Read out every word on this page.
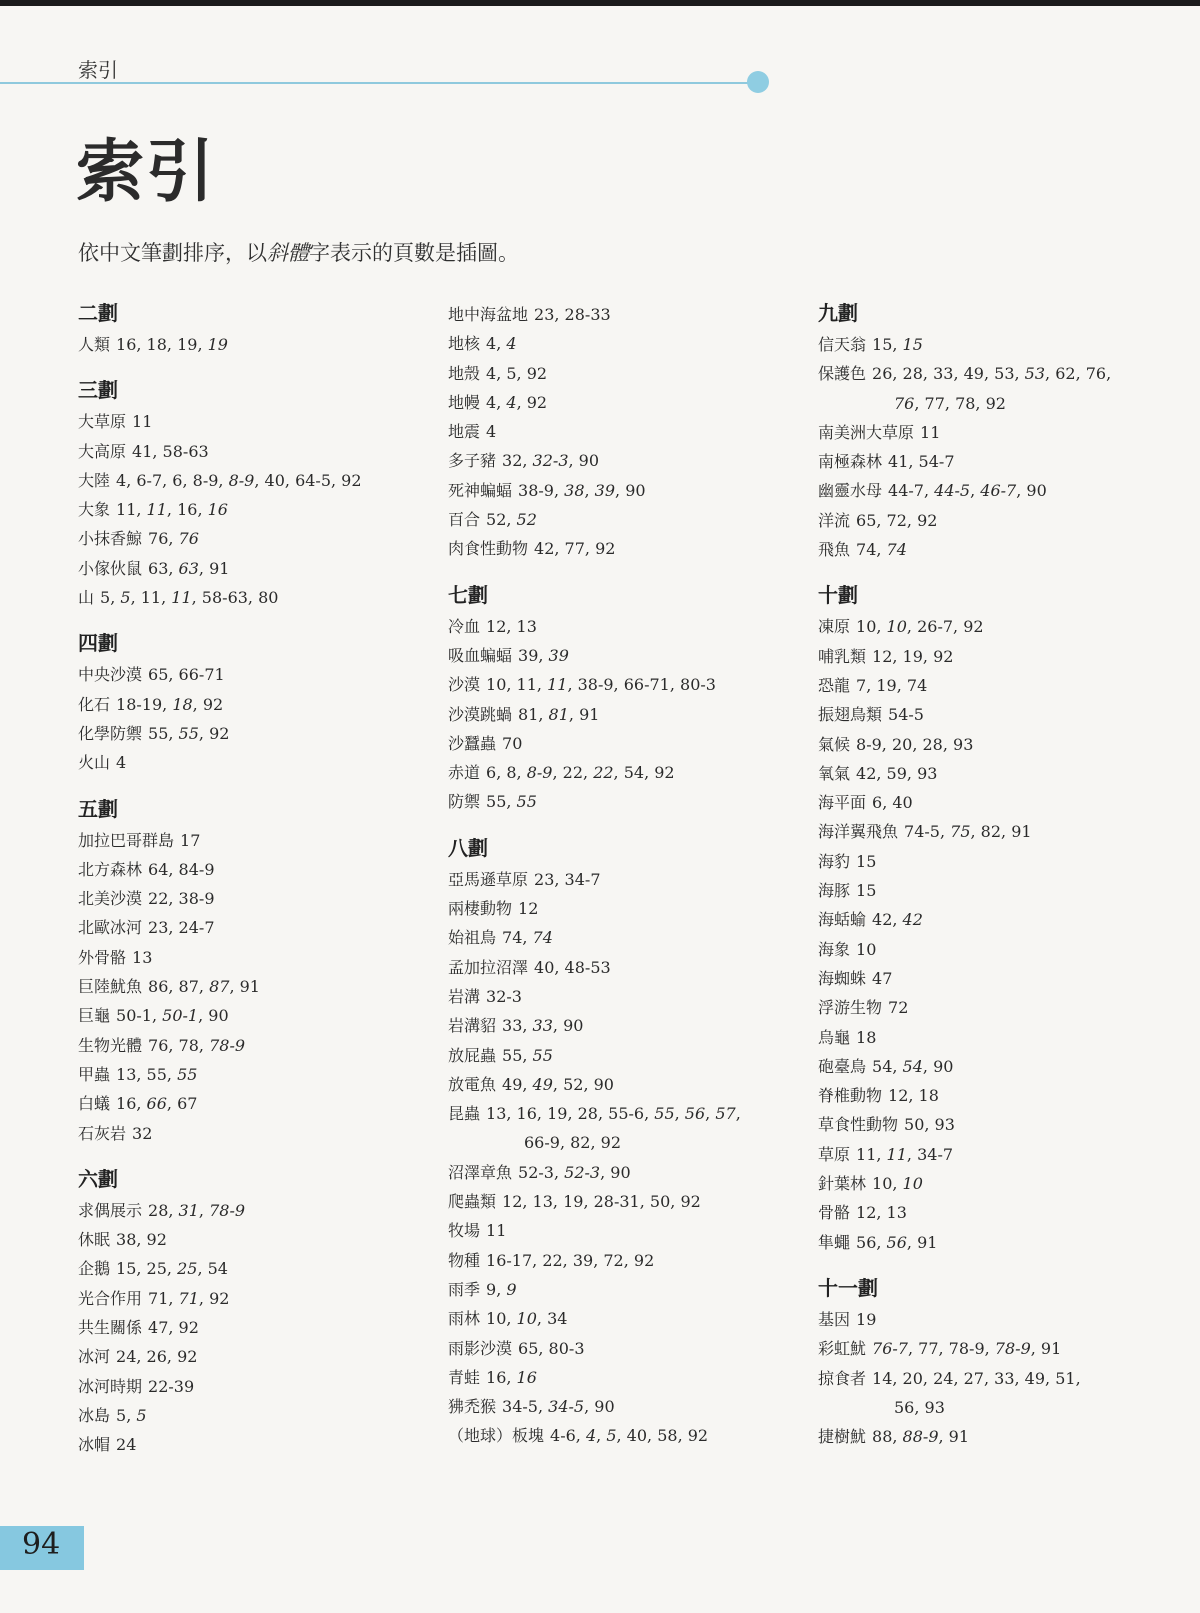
索引
索引
依中文筆劃排序，以斜體字表示的頁數是插圖。
二劃
人類 16, 18, 19, 19
三劃
大草原 11
大高原 41, 58-63
大陸 4, 6-7, 6, 8-9, 8-9, 40, 64-5, 92
大象 11, 11, 16, 16
小抹香鯨 76, 76
小傢伙鼠 63, 63, 91
山 5, 5, 11, 11, 58-63, 80
四劃
中央沙漠 65, 66-71
化石 18-19, 18, 92
化學防禦 55, 55, 92
火山 4
五劃
加拉巴哥群島 17
北方森林 64, 84-9
北美沙漠 22, 38-9
北歐冰河 23, 24-7
外骨骼 13
巨陸魷魚 86, 87, 87, 91
巨龜 50-1, 50-1, 90
生物光體 76, 78, 78-9
甲蟲 13, 55, 55
白蟻 16, 66, 67
石灰岩 32
六劃
求偶展示 28, 31, 78-9
休眠 38, 92
企鵝 15, 25, 25, 54
光合作用 71, 71, 92
共生關係 47, 92
冰河 24, 26, 92
冰河時期 22-39
冰島 5, 5
冰帽 24
地中海盆地 23, 28-33
地核 4, 4
地殼 4, 5, 92
地幔 4, 4, 92
地震 4
多子豬 32, 32-3, 90
死神蝙蝠 38-9, 38, 39, 90
百合 52, 52
肉食性動物 42, 77, 92
七劃
冷血 12, 13
吸血蝙蝠 39, 39
沙漠 10, 11, 11, 38-9, 66-71, 80-3
沙漠跳蝸 81, 81, 91
沙蠶蟲 70
赤道 6, 8, 8-9, 22, 22, 54, 92
防禦 55, 55
八劃
亞馬遜草原 23, 34-7
兩棲動物 12
始祖鳥 74, 74
孟加拉沼澤 40, 48-53
岩溝 32-3
岩溝貂 33, 33, 90
放屁蟲 55, 55
放電魚 49, 49, 52, 90
昆蟲 13, 16, 19, 28, 55-6, 55, 56, 57,
66-9, 82, 92
沼澤章魚 52-3, 52-3, 90
爬蟲類 12, 13, 19, 28-31, 50, 92
牧場 11
物種 16-17, 22, 39, 72, 92
雨季 9, 9
雨林 10, 10, 34
雨影沙漠 65, 80-3
青蛙 16, 16
狒禿猴 34-5, 34-5, 90
（地球）板塊 4-6, 4, 5, 40, 58, 92
九劃
信天翁 15, 15
保護色 26, 28, 33, 49, 53, 53, 62, 76,
76, 77, 78, 92
南美洲大草原 11
南極森林 41, 54-7
幽靈水母 44-7, 44-5, 46-7, 90
洋流 65, 72, 92
飛魚 74, 74
十劃
凍原 10, 10, 26-7, 92
哺乳類 12, 19, 92
恐龍 7, 19, 74
振翅鳥類 54-5
氣候 8-9, 20, 28, 93
氧氣 42, 59, 93
海平面 6, 40
海洋翼飛魚 74-5, 75, 82, 91
海豹 15
海豚 15
海蛞蝓 42, 42
海象 10
海蜘蛛 47
浮游生物 72
烏龜 18
砲臺鳥 54, 54, 90
脊椎動物 12, 18
草食性動物 50, 93
草原 11, 11, 34-7
針葉林 10, 10
骨骼 12, 13
隼蠅 56, 56, 91
十一劃
基因 19
彩虹魷 76-7, 77, 78-9, 78-9, 91
掠食者 14, 20, 24, 27, 33, 49, 51,
56, 93
捷樹魷 88, 88-9, 91
94
